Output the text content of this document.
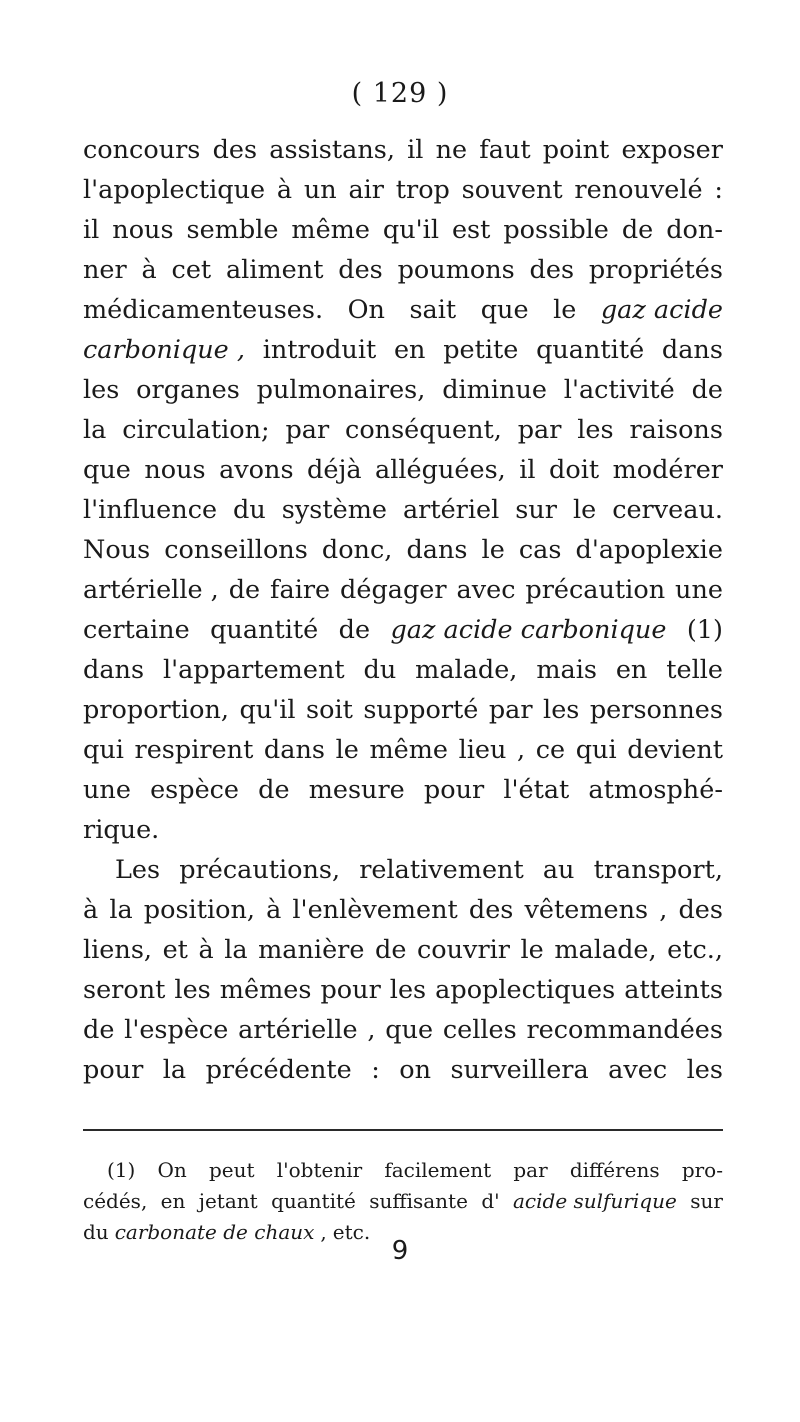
( 129 )
concours des assistans, il ne faut point exposer
l'apoplectique à un air trop souvent renouvelé :
il nous semble même qu'il est possible de don-
ner à cet aliment des poumons des propriétés
médicamenteuses. On sait que le gaz acide
carbonique , introduit en petite quantité dans
les organes pulmonaires, diminue l'activité de
la circulation; par conséquent, par les raisons
que nous avons déjà alléguées, il doit modérer
l'influence du système artériel sur le cerveau.
Nous conseillons donc, dans le cas d'apoplexie
artérielle , de faire dégager avec précaution une
certaine quantité de gaz acide carbonique (1)
dans l'appartement du malade, mais en telle
proportion, qu'il soit supporté par les personnes
qui respirent dans le même lieu , ce qui devient
une espèce de mesure pour l'état atmosphé-
rique.
Les précautions, relativement au transport,
à la position, à l'enlèvement des vêtemens , des
liens, et à la manière de couvrir le malade, etc.,
seront les mêmes pour les apoplectiques atteints
de l'espèce artérielle , que celles recommandées
pour la précédente : on surveillera avec les
(1) On peut l'obtenir facilement par différens pro-
cédés, en jetant quantité suffisante d' acide sulfurique sur
du carbonate de chaux , etc.
9
